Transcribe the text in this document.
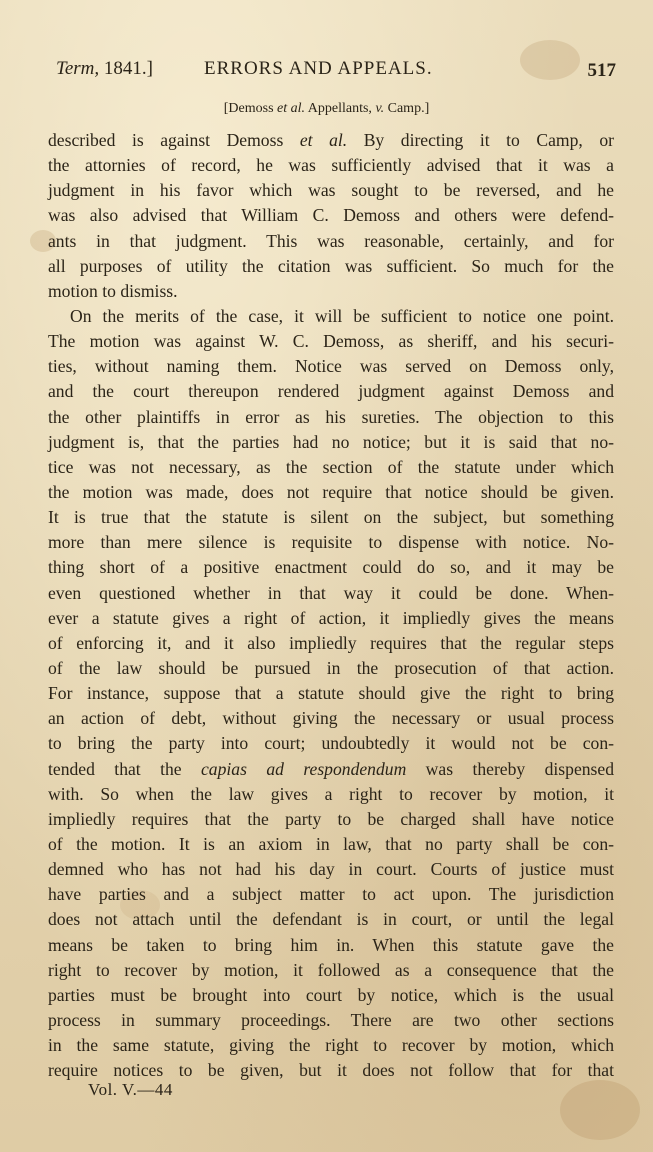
Term, 1841.]	ERRORS AND APPEALS.	517
[Demoss et al. Appellants, v. Camp.]
described is against Demoss et al. By directing it to Camp, or
the attornies of record, he was sufficiently advised that it was a
judgment in his favor which was sought to be reversed, and he
was also advised that William C. Demoss and others were defend-
ants in that judgment. This was reasonable, certainly, and for
all purposes of utility the citation was sufficient. So much for the
motion to dismiss.
On the merits of the case, it will be sufficient to notice one point.
The motion was against W. C. Demoss, as sheriff, and his securi-
ties, without naming them. Notice was served on Demoss only,
and the court thereupon rendered judgment against Demoss and
the other plaintiffs in error as his sureties. The objection to this
judgment is, that the parties had no notice; but it is said that no-
tice was not necessary, as the section of the statute under which
the motion was made, does not require that notice should be given.
It is true that the statute is silent on the subject, but something
more than mere silence is requisite to dispense with notice. No-
thing short of a positive enactment could do so, and it may be
even questioned whether in that way it could be done. When-
ever a statute gives a right of action, it impliedly gives the means
of enforcing it, and it also impliedly requires that the regular steps
of the law should be pursued in the prosecution of that action.
For instance, suppose that a statute should give the right to bring
an action of debt, without giving the necessary or usual process
to bring the party into court; undoubtedly it would not be con-
tended that the capias ad respondendum was thereby dispensed
with. So when the law gives a right to recover by motion, it
impliedly requires that the party to be charged shall have notice
of the motion. It is an axiom in law, that no party shall be con-
demned who has not had his day in court. Courts of justice must
have parties and a subject matter to act upon. The jurisdiction
does not attach until the defendant is in court, or until the legal
means be taken to bring him in. When this statute gave the
right to recover by motion, it followed as a consequence that the
parties must be brought into court by notice, which is the usual
process in summary proceedings. There are two other sections
in the same statute, giving the right to recover by motion, which
require notices to be given, but it does not follow that for that
Vol. V.—44
